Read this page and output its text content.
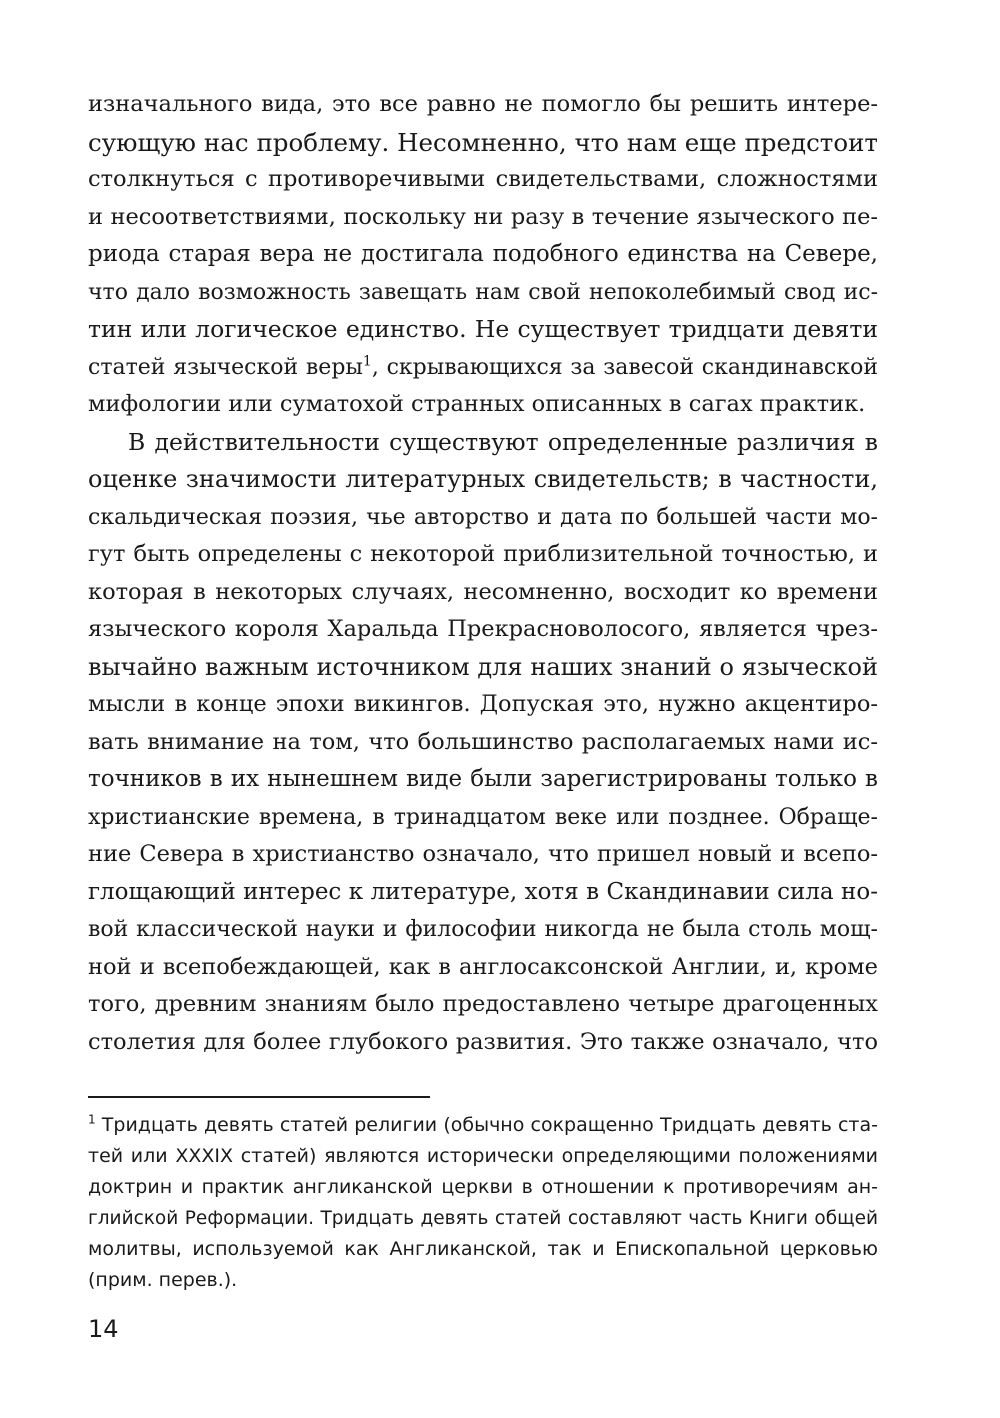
изначального вида, это все равно не помогло бы решить интере-
сующую нас проблему. Несомненно, что нам еще предстоит
столкнуться с противоречивыми свидетельствами, сложностями
и несоответствиями, поскольку ни разу в течение языческого пе-
риода старая вера не достигала подобного единства на Севере,
что дало возможность завещать нам свой непоколебимый свод ис-
тин или логическое единство. Не существует тридцати девяти
статей языческой веры$^1$, скрывающихся за завесой скандинавской
мифологии или суматохой странных описанных в сагах практик.
В действительности существуют определенные различия в
оценке значимости литературных свидетельств; в частности,
скальдическая поэзия, чье авторство и дата по большей части мо-
гут быть определены с некоторой приблизительной точностью, и
которая в некоторых случаях, несомненно, восходит ко времени
языческого короля Харальда Прекрасноволосого, является чрез-
вычайно важным источником для наших знаний о языческой
мысли в конце эпохи викингов. Допуская это, нужно акцентиро-
вать внимание на том, что большинство располагаемых нами ис-
точников в их нынешнем виде были зарегистрированы только в
христианские времена, в тринадцатом веке или позднее. Обраще-
ние Севера в христианство означало, что пришел новый и всепо-
глощающий интерес к литературе, хотя в Скандинавии сила но-
вой классической науки и философии никогда не была столь мощ-
ной и всепобеждающей, как в англосаксонской Англии, и, кроме
того, древним знаниям было предоставлено четыре драгоценных
столетия для более глубокого развития. Это также означало, что
$^1$ Тридцать девять статей религии (обычно сокращенно Тридцать девять ста-
тей или XXXIX статей) являются исторически определяющими положениями
доктрин и практик англиканской церкви в отношении к противоречиям ан-
глийской Реформации. Тридцать девять статей составляют часть Книги общей
молитвы, используемой как Англиканской, так и Епископальной церковью
(прим. перев.).
14
